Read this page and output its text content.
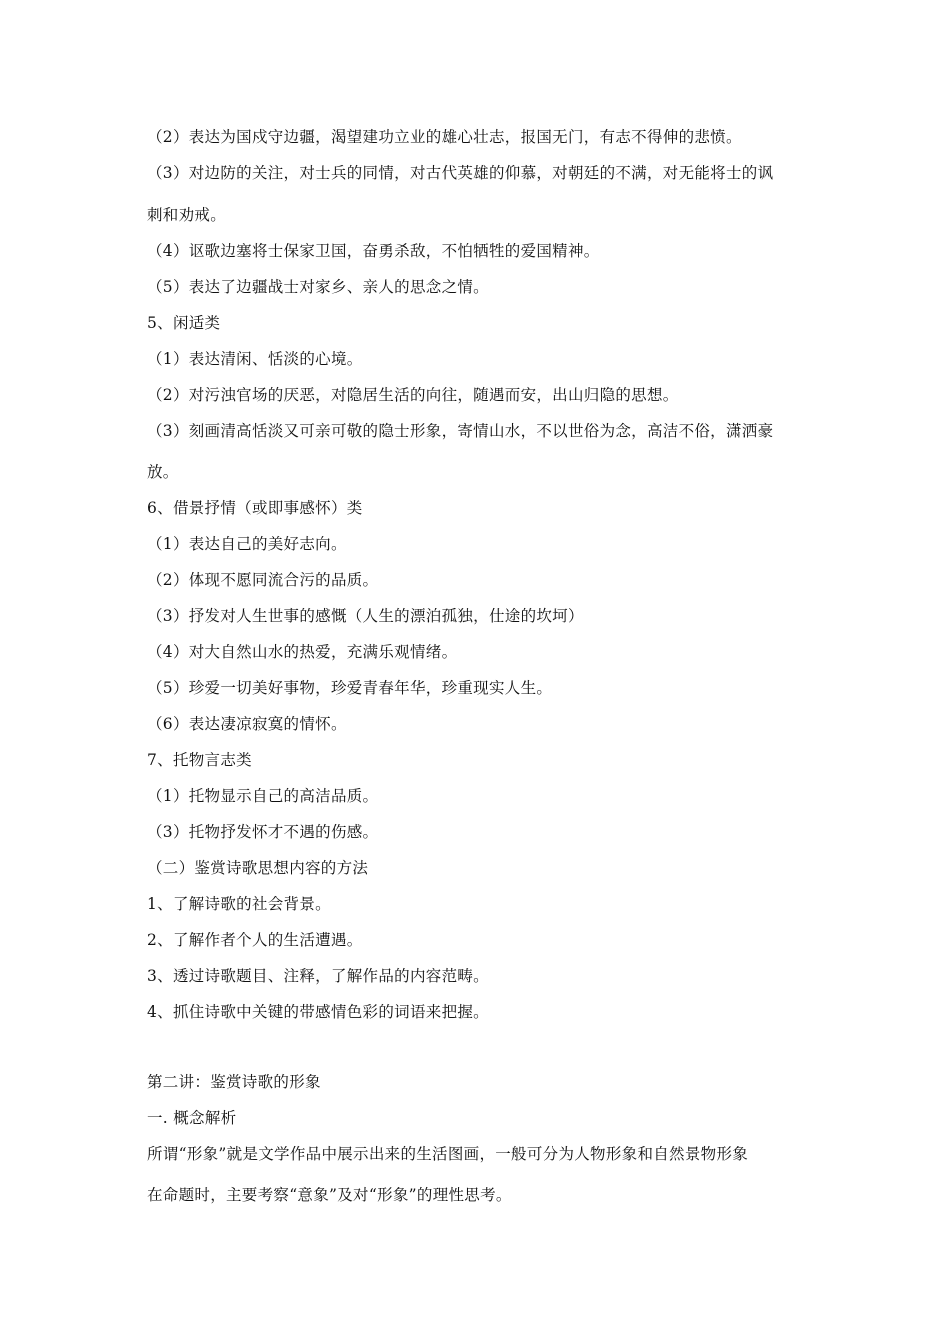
（2）表达为国戍守边疆，渴望建功立业的雄心壮志，报国无门，有志不得伸的悲愤。
（3）对边防的关注，对士兵的同情，对古代英雄的仰慕，对朝廷的不满，对无能将士的讽
刺和劝戒。
（4）讴歌边塞将士保家卫国，奋勇杀敌，不怕牺牲的爱国精神。
（5）表达了边疆战士对家乡、亲人的思念之情。
5、闲适类
（1）表达清闲、恬淡的心境。
（2）对污浊官场的厌恶，对隐居生活的向往，随遇而安，出山归隐的思想。
（3）刻画清高恬淡又可亲可敬的隐士形象，寄情山水，不以世俗为念，高洁不俗，潇洒豪
放。
6、借景抒情（或即事感怀）类
（1）表达自己的美好志向。
（2）体现不愿同流合污的品质。
（3）抒发对人生世事的感慨（人生的漂泊孤独，仕途的坎坷）
（4）对大自然山水的热爱，充满乐观情绪。
（5）珍爱一切美好事物，珍爱青春年华，珍重现实人生。
（6）表达凄凉寂寞的情怀。
7、托物言志类
（1）托物显示自己的高洁品质。
（3）托物抒发怀才不遇的伤感。
（二）鉴赏诗歌思想内容的方法
1、了解诗歌的社会背景。
2、了解作者个人的生活遭遇。
3、透过诗歌题目、注释，了解作品的内容范畴。
4、抓住诗歌中关键的带感情色彩的词语来把握。
第二讲：鉴赏诗歌的形象
一. 概念解析
所谓“形象”就是文学作品中展示出来的生活图画，一般可分为人物形象和自然景物形象
在命题时，主要考察“意象”及对“形象”的理性思考。
